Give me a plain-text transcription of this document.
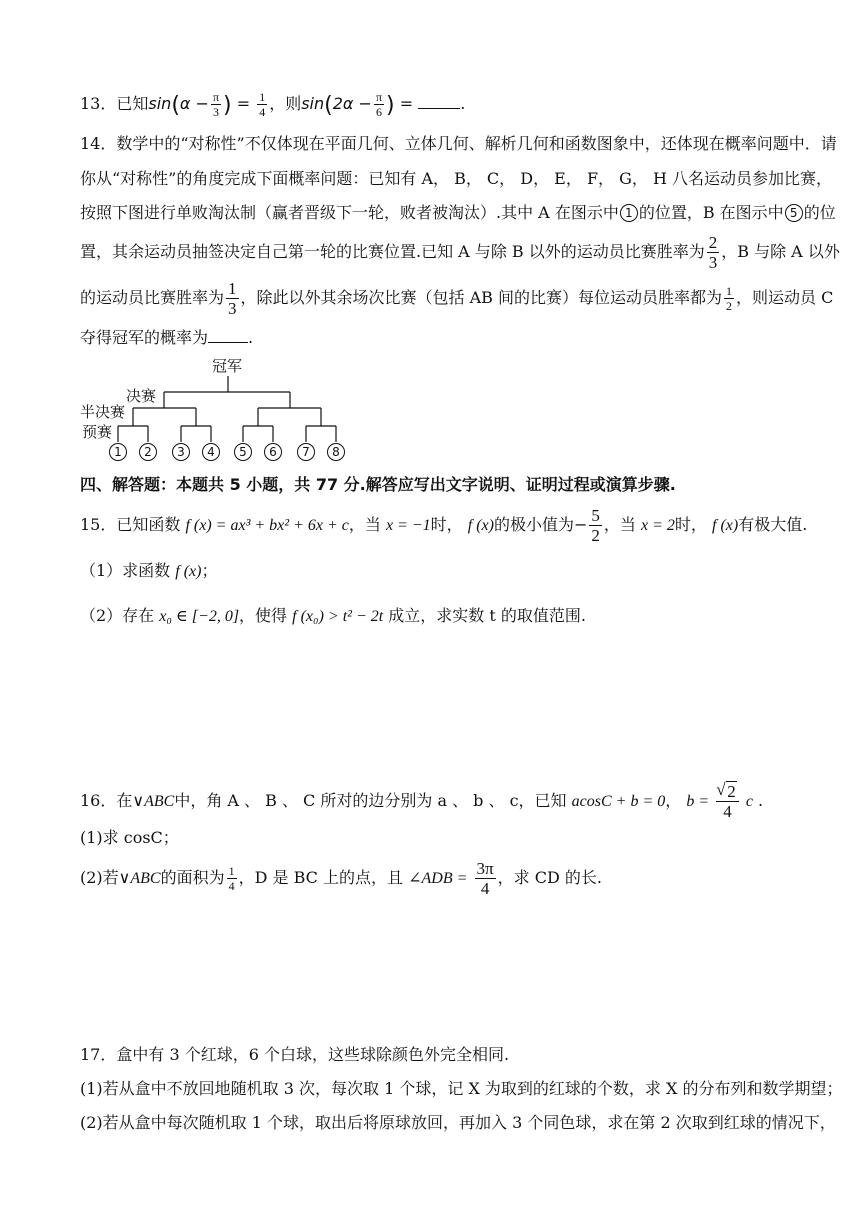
13．已知$\sin(\alpha - \frac{\pi}{3}$ ) = $\frac{1}{4}$ ，则$\sin(2\alpha - \frac{\pi}{6}$ ) =	.
14．数学中的“对称性”不仅体现在平面几何、立体几何、解析几何和函数图象中，还体现在概率问题中．请
你从“对称性”的角度完成下面概率问题：已知有 A， B， C， D， E， F， G， H 八名运动员参加比赛，
按照下图进行单败淘汰制（赢者晋级下一轮，败者被淘汰）.其中 A 在图示中 1 的位置，B 在图示中 5 的位
置，其余运动员抽签决定自己第一轮的比赛位置.已知 A 与除 B 以外的运动员比赛胜率为 $\frac{2}{3}$ ，B 与除 A 以外
的运动员比赛胜率为 $\frac{1}{3}$ ，除此以外其余场次比赛（包括 AB 间的比赛）每位运动员胜率都为 $\frac{1}{2}$ ，则运动员 C
夺得冠军的概率为	.
冠军
决赛
半决赛
预赛
1	2	3	4	5	6	7	8
四、解答题：本题共 5 小题，共 77 分.解答应写出文字说明、证明过程或演算步骤.
15．已知函数 f (x) = ax³ + bx² + 6x + c，当 x = −1时， f (x)的极小值为− $\frac{5}{2}$ ，当 x = 2时， f (x)有极大值.
（1）求函数 f (x)；
（2）存在 x₀ ∈ [−2, 0]，使得 f (x₀) > t² − 2t 成立，求实数 t 的取值范围.
16．在∨ABC中，角 A 、 B 、 C 所对的边分别为 a 、 b 、 c，已知 acosC + b = 0， b =
√ $\frac{2}{4}$ c .
(1)求 cosC；
(2)若∨ABC的面积为 $\frac{1}{4}$ ，D 是 BC 上的点，且 ∠ADB = $\frac{3\pi}{4}$ ，求 CD 的长.
17．盒中有 3 个红球，6 个白球，这些球除颜色外完全相同.
(1)若从盒中不放回地随机取 3 次，每次取 1 个球，记 X 为取到的红球的个数，求 X 的分布列和数学期望；
(2)若从盒中每次随机取 1 个球，取出后将原球放回，再加入 3 个同色球，求在第 2 次取到红球的情况下，
